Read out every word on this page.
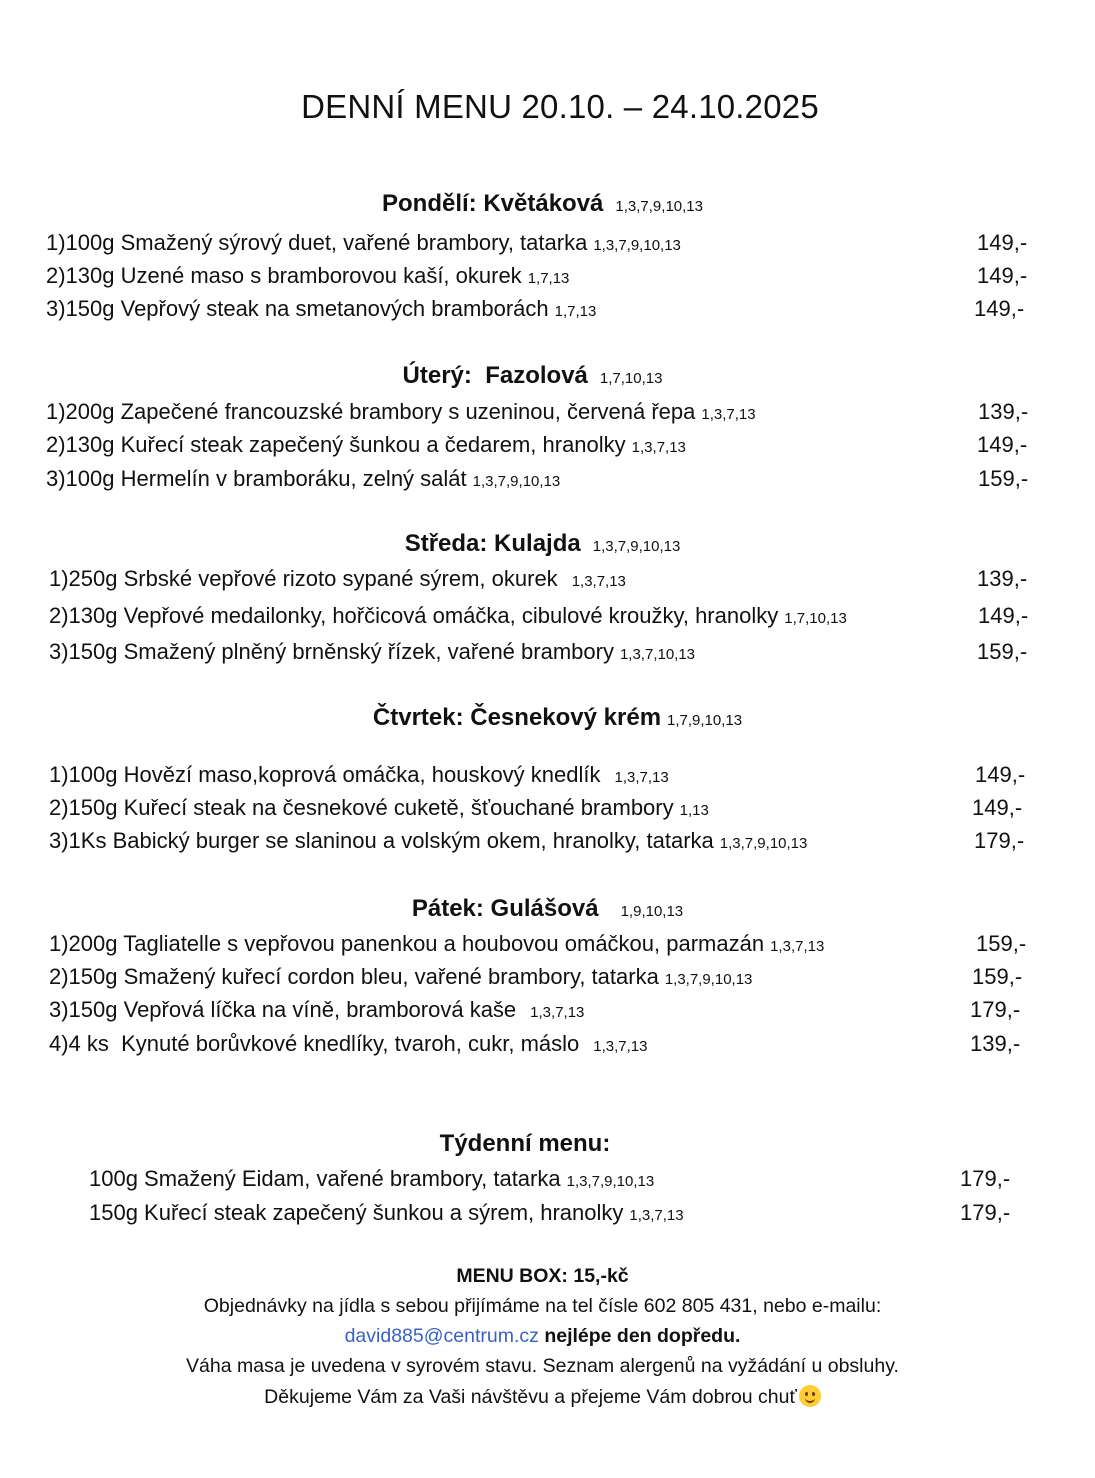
DENNÍ MENU 20.10. – 24.10.2025
Pondělí: Květáková 1,3,7,9,10,13
1)100g Smažený sýrový duet, vařené brambory, tatarka 1,3,7,9,10,13	149,-
2)130g Uzené maso s bramborovou kaší, okurek 1,7,13	149,-
3)150g Vepřový steak na smetanových bramborách 1,7,13	149,-
Úterý:  Fazolová 1,7,10,13
1)200g Zapečené francouzské brambory s uzeninou, červená řepa 1,3,7,13	139,-
2)130g Kuřecí steak zapečený šunkou a čedarem, hranolky 1,3,7,13	149,-
3)100g Hermelín v bramboráku, zelný salát 1,3,7,9,10,13	159,-
Středa: Kulajda 1,3,7,9,10,13
1)250g Srbské vepřové rizoto sypané sýrem, okurek 1,3,7,13	139,-
2)130g Vepřové medailonky, hořčicová omáčka, cibulové kroužky, hranolky 1,7,10,13	149,-
3)150g Smažený plněný brněnský řízek, vařené brambory 1,3,7,10,13	159,-
Čtvrtek: Česnekový krém 1,7,9,10,13
1)100g Hovězí maso,koprová omáčka, houskový knedlík 1,3,7,13	149,-
2)150g Kuřecí steak na česnekové cuketě, šťouchané brambory 1,13	149,-
3)1Ks Babický burger se slaninou a volským okem, hranolky, tatarka 1,3,7,9,10,13	179,-
Pátek: Gulášová 1,9,10,13
1)200g Tagliatelle s vepřovou panenkou a houbovou omáčkou, parmazán 1,3,7,13	159,-
2)150g Smažený kuřecí cordon bleu, vařené brambory, tatarka 1,3,7,9,10,13	159,-
3)150g Vepřová líčka na víně, bramborová kaše 1,3,7,13	179,-
4)4 ks  Kynuté borůvkové knedlíky, tvaroh, cukr, máslo 1,3,7,13	139,-
Týdenní menu:
100g Smažený Eidam, vařené brambory, tatarka 1,3,7,9,10,13	179,-
150g Kuřecí steak zapečený šunkou a sýrem, hranolky 1,3,7,13	179,-
MENU BOX: 15,-kč
Objednávky na jídla s sebou přijímáme na tel čísle 602 805 431, nebo e-mailu:
david885@centrum.cz nejlépe den dopředu.
Váha masa je uvedena v syrovém stavu. Seznam alergenů na vyžádání u obsluhy.
Děkujeme Vám za Vaši návštěvu a přejeme Vám dobrou chuť
